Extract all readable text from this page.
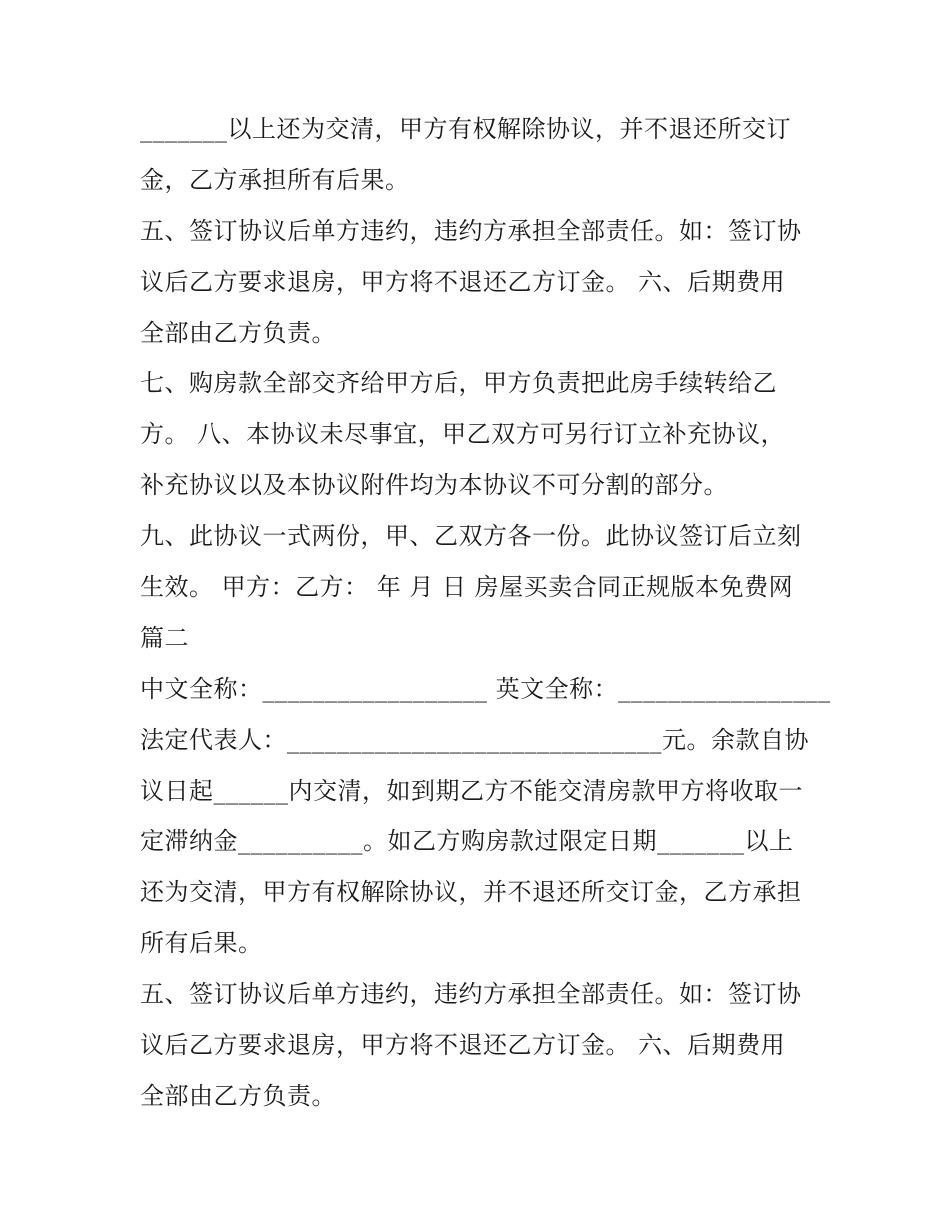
_______以上还为交清，甲方有权解除协议，并不退还所交订
金，乙方承担所有后果。
五、签订协议后单方违约，违约方承担全部责任。如：签订协
议后乙方要求退房，甲方将不退还乙方订金。 六、后期费用
全部由乙方负责。
七、购房款全部交齐给甲方后，甲方负责把此房手续转给乙
方。 八、本协议未尽事宜，甲乙双方可另行订立补充协议，
补充协议以及本协议附件均为本协议不可分割的部分。
九、此协议一式两份，甲、乙双方各一份。此协议签订后立刻
生效。 甲方：乙方： 年 月 日 房屋买卖合同正规版本免费网
篇二
中文全称：__________________ 英文全称：_________________
法定代表人：______________________________元。余款自协
议日起______内交清，如到期乙方不能交清房款甲方将收取一
定滞纳金__________。如乙方购房款过限定日期_______以上
还为交清，甲方有权解除协议，并不退还所交订金，乙方承担
所有后果。
五、签订协议后单方违约，违约方承担全部责任。如：签订协
议后乙方要求退房，甲方将不退还乙方订金。 六、后期费用
全部由乙方负责。
